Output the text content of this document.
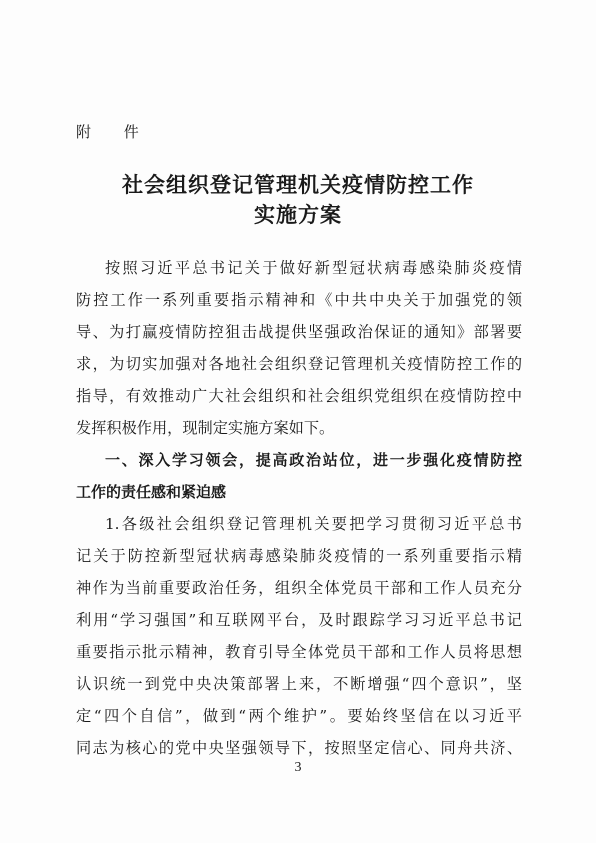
附 件
社会组织登记管理机关疫情防控工作
实施方案
按照习近平总书记关于做好新型冠状病毒感染肺炎疫情
防控工作一系列重要指示精神和《中共中央关于加强党的领
导、为打赢疫情防控狙击战提供坚强政治保证的通知》部署要
求，为切实加强对各地社会组织登记管理机关疫情防控工作的
指导，有效推动广大社会组织和社会组织党组织在疫情防控中
发挥积极作用，现制定实施方案如下。
一、深入学习领会，提高政治站位，进一步强化疫情防控
工作的责任感和紧迫感
1.各级社会组织登记管理机关要把学习贯彻习近平总书
记关于防控新型冠状病毒感染肺炎疫情的一系列重要指示精
神作为当前重要政治任务，组织全体党员干部和工作人员充分
利用“学习强国”和互联网平台，及时跟踪学习习近平总书记
重要指示批示精神，教育引导全体党员干部和工作人员将思想
认识统一到党中央决策部署上来，不断增强“四个意识”，坚
定“四个自信”，做到“两个维护”。要始终坚信在以习近平
同志为核心的党中央坚强领导下，按照坚定信心、同舟共济、
3
